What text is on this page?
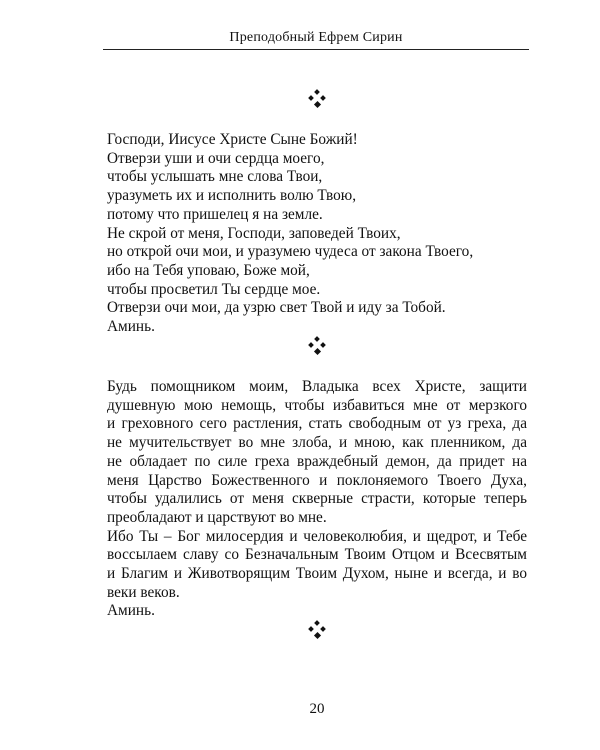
Преподобный Ефрем Сирин
Господи, Иисусе Христе Сыне Божий!
Отверзи уши и очи сердца моего,
чтобы услышать мне слова Твои,
уразуметь их и исполнить волю Твою,
потому что пришелец я на земле.
Не скрой от меня, Господи, заповедей Твоих,
но открой очи мои, и уразумею чудеса от закона Твоего,
ибо на Тебя уповаю, Боже мой,
чтобы просветил Ты сердце мое.
Отверзи очи мои, да узрю свет Твой и иду за Тобой.
Аминь.
Будь помощником моим, Владыка всех Христе, защити
душевную мою немощь, чтобы избавиться мне от мерзкого
и греховного сего растления, стать свободным от уз греха, да
не мучительствует во мне злоба, и мною, как пленником, да
не обладает по силе греха враждебный демон, да придет на
меня Царство Божественного и поклоняемого Твоего Духа,
чтобы удалились от меня скверные страсти, которые теперь
преобладают и царствуют во мне.
Ибо Ты – Бог милосердия и человеколюбия, и щедрот, и Тебе
воссылаем славу со Безначальным Твоим Отцом и Всесвятым
и Благим и Животворящим Твоим Духом, ныне и всегда, и во
веки веков.
Аминь.
20
